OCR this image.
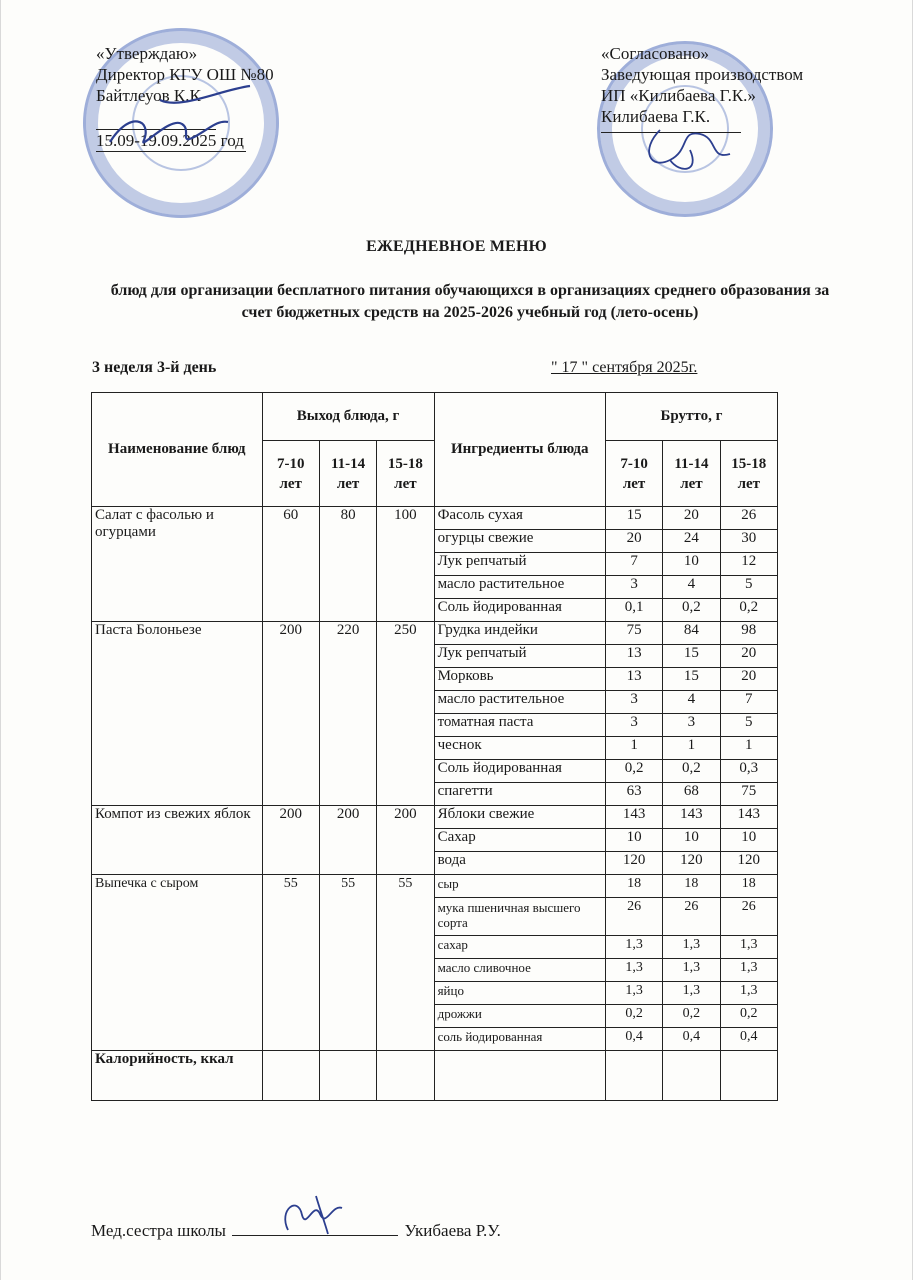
«Утверждаю»
Директор КГУ ОШ №80
Байтлеуов К.К
15.09-19.09.2025 год
«Согласовано»
Заведующая производством
ИП «Килибаева Г.К.»
Килибаева Г.К.
ЕЖЕДНЕВНОЕ МЕНЮ
блюд для организации бесплатного питания обучающихся в организациях среднего образования за счет бюджетных средств на 2025-2026 учебный год (лето-осень)
3 неделя 3-й день	" 17 " сентября 2025г.
Наименование блюд	Выход блюда, г			Ингредиенты блюда	Брутто, г		
	7-10 лет	11-14 лет	15-18 лет		7-10 лет	11-14 лет	15-18 лет
Салат с фасолью и огурцами	60	80	100	Фасоль сухая	15	20	26
				огурцы свежие	20	24	30
				Лук репчатый	7	10	12
				масло растительное	3	4	5
				Соль йодированная	0,1	0,2	0,2
Паста Болоньезе	200	220	250	Грудка индейки	75	84	98
				Лук репчатый	13	15	20
				Морковь	13	15	20
				масло растительное	3	4	7
				томатная паста	3	3	5
				чеснок	1	1	1
				Соль йодированная	0,2	0,2	0,3
				спагетти	63	68	75
Компот из свежих яблок	200	200	200	Яблоки свежие	143	143	143
				Сахар	10	10	10
				вода	120	120	120
Выпечка с сыром	55	55	55	сыр	18	18	18
				мука пшеничная высшего сорта	26	26	26
				сахар	1,3	1,3	1,3
				масло сливочное	1,3	1,3	1,3
				яйцо	1,3	1,3	1,3
				дрожжи	0,2	0,2	0,2
				соль йодированная	0,4	0,4	0,4
Калорийность, ккал							
Мед.сестра школы	Укибаева Р.У.
